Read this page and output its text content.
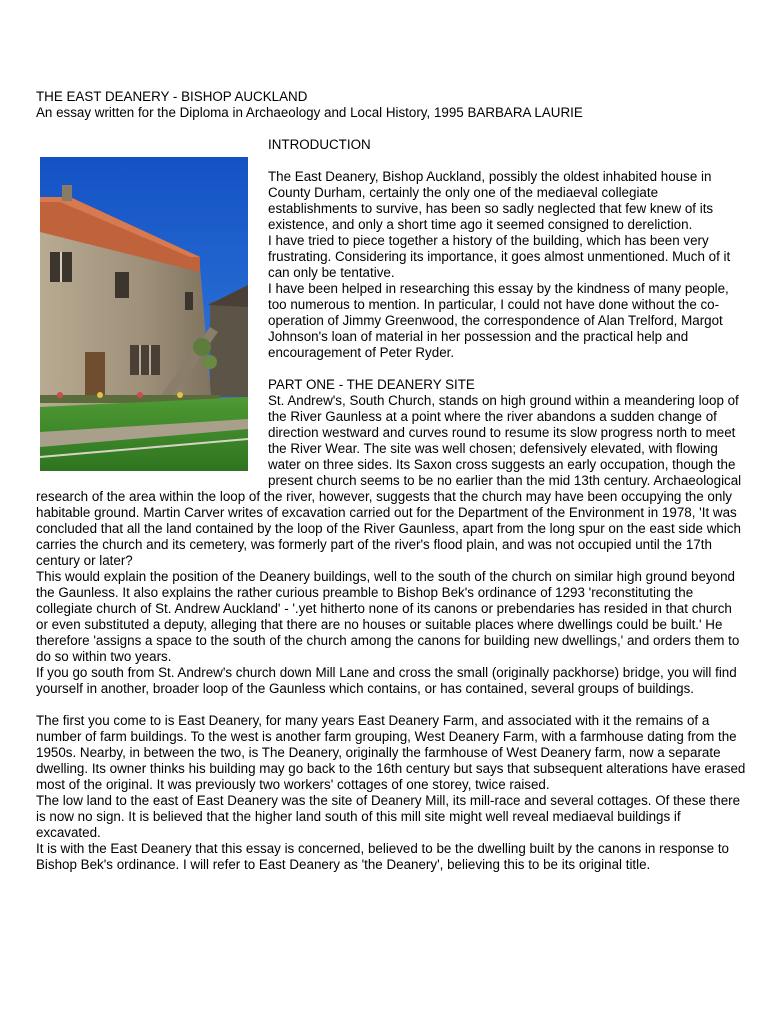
THE EAST DEANERY - BISHOP AUCKLAND

An essay written for the Diploma in Archaeology and Local History, 1995 BARBARA LAURIE

INTRODUCTION

The East Deanery, Bishop Auckland, possibly the oldest inhabited house in County Durham, certainly the only one of the mediaeval collegiate establishments to survive, has been so sadly neglected that few knew of its existence, and only a short time ago it seemed consigned to dereliction.

I have tried to piece together a history of the building, which has been very frustrating. Considering its importance, it goes almost unmentioned. Much of it can only be tentative.

I have been helped in researching this essay by the kindness of many people, too numerous to mention. In particular, I could not have done without the co-operation of Jimmy Greenwood, the correspondence of Alan Trelford, Margot Johnson's loan of material in her possession and the practical help and encouragement of Peter Ryder.

PART ONE - THE DEANERY SITE

St. Andrew's, South Church, stands on high ground within a meandering loop of the River Gaunless at a point where the river abandons a sudden change of direction westward and curves round to resume its slow progress north to meet the River Wear. The site was well chosen; defensively elevated, with flowing water on three sides. Its Saxon cross suggests an early occupation, though the present church seems to be no earlier than the mid 13th century. Archaeological research of the area within the loop of the river, however, suggests that the church may have been occupying the only habitable ground. Martin Carver writes of excavation carried out for the Department of the Environment in 1978, 'It was concluded that all the land contained by the loop of the River Gaunless, apart from the long spur on the east side which carries the church and its cemetery, was formerly part of the river's flood plain, and was not occupied until the 17th century or later?

This would explain the position of the Deanery buildings, well to the south of the church on similar high ground beyond the Gaunless. It also explains the rather curious preamble to Bishop Bek's ordinance of 1293 'reconstituting the collegiate church of St. Andrew Auckland' - '.yet hitherto none of its canons or prebendaries has resided in that church or even substituted a deputy, alleging that there are no houses or suitable places where dwellings could be built.' He therefore 'assigns a space to the south of the church among the canons for building new dwellings,' and orders them to do so within two years.

If you go south from St. Andrew's church down Mill Lane and cross the small (originally packhorse) bridge, you will find yourself in another, broader loop of the Gaunless which contains, or has contained, several groups of buildings.

The first you come to is East Deanery, for many years East Deanery Farm, and associated with it the remains of a number of farm buildings. To the west is another farm grouping, West Deanery Farm, with a farmhouse dating from the 1950s. Nearby, in between the two, is The Deanery, originally the farmhouse of West Deanery farm, now a separate dwelling. Its owner thinks his building may go back to the 16th century but says that subsequent alterations have erased most of the original. It was previously two workers' cottages of one storey, twice raised.

The low land to the east of East Deanery was the site of Deanery Mill, its mill-race and several cottages. Of these there is now no sign. It is believed that the higher land south of this mill site might well reveal mediaeval buildings if excavated.

It is with the East Deanery that this essay is concerned, believed to be the dwelling built by the canons in response to Bishop Bek's ordinance. I will refer to East Deanery as 'the Deanery', believing this to be its original title.
